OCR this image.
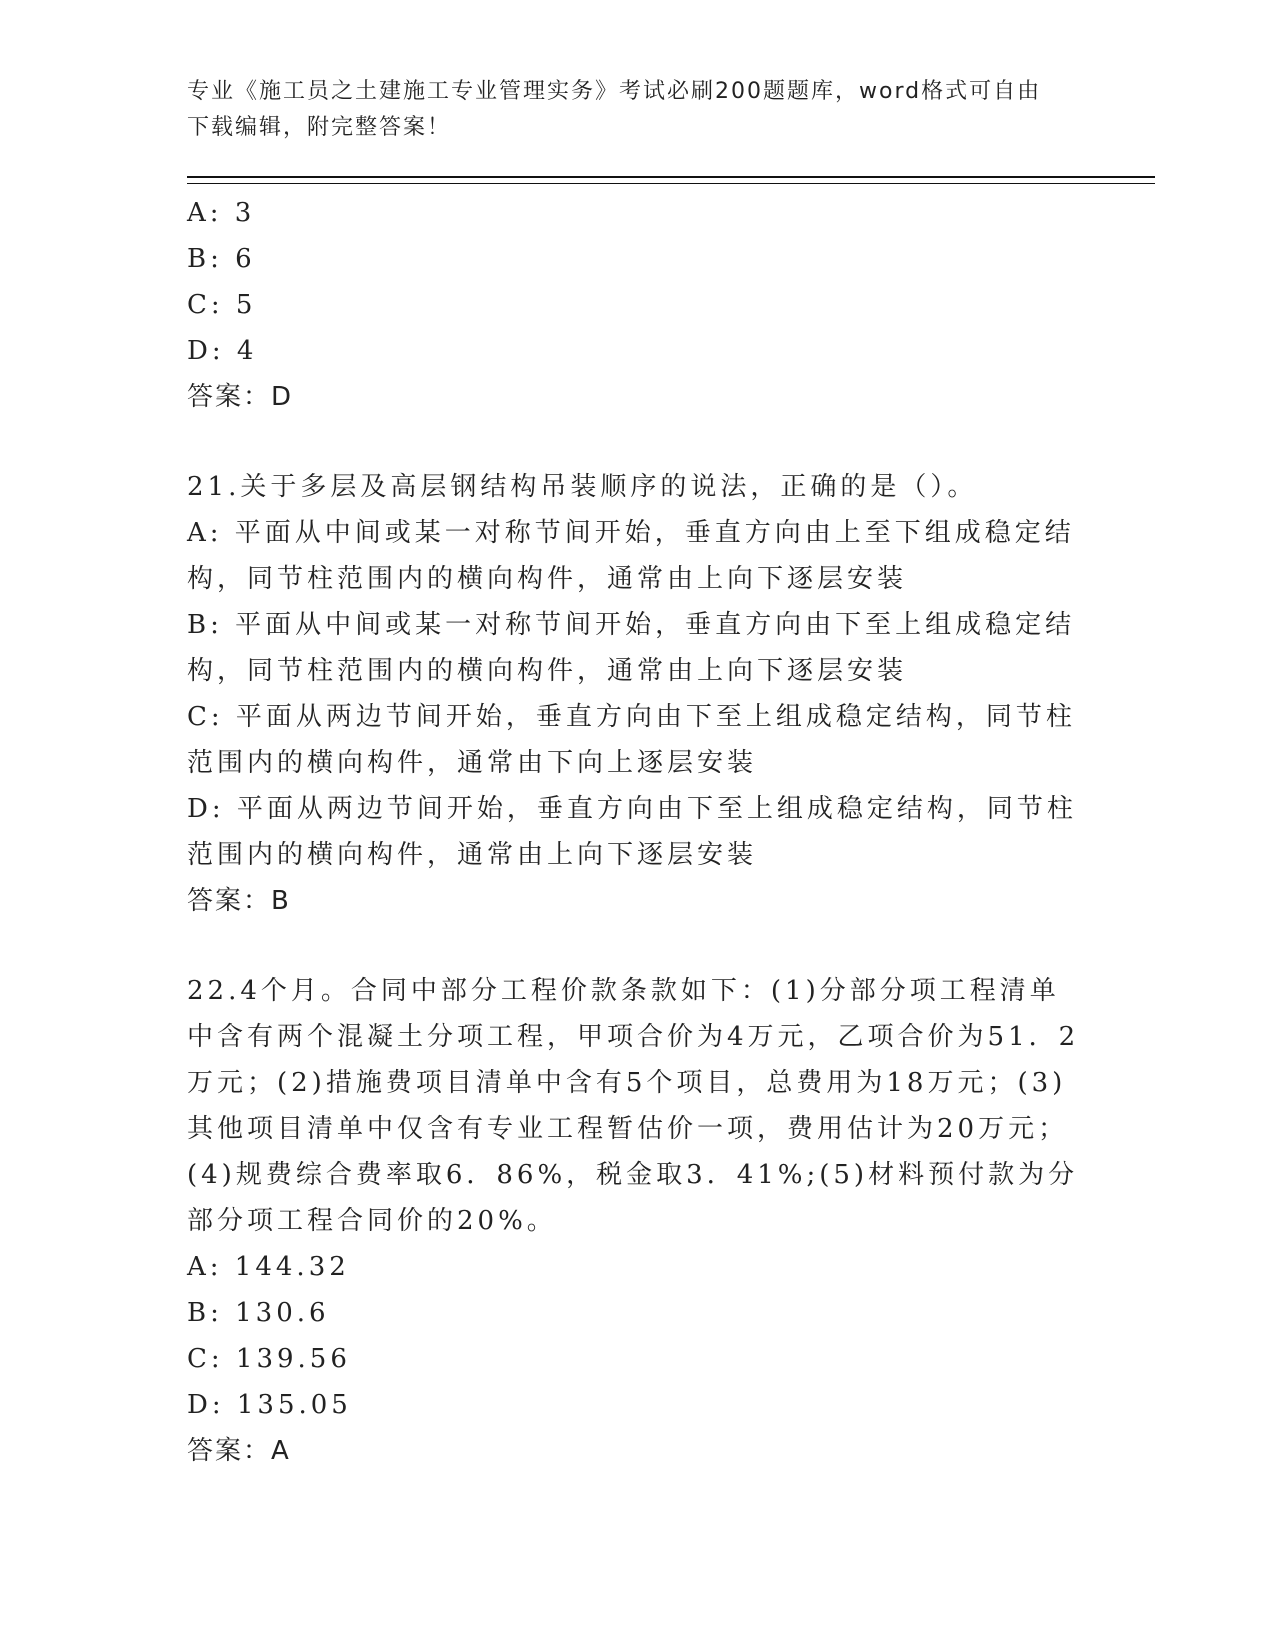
专业《施工员之土建施工专业管理实务》考试必刷200题题库，word格式可自由
下载编辑，附完整答案！
A: 3
B: 6
C: 5
D: 4
答案：D
21.关于多层及高层钢结构吊装顺序的说法，正确的是（）。
A: 平面从中间或某一对称节间开始，垂直方向由上至下组成稳定结构，同节柱范围内的横向构件，通常由上向下逐层安装
B: 平面从中间或某一对称节间开始，垂直方向由下至上组成稳定结构，同节柱范围内的横向构件，通常由上向下逐层安装
C: 平面从两边节间开始，垂直方向由下至上组成稳定结构，同节柱范围内的横向构件，通常由下向上逐层安装
D: 平面从两边节间开始，垂直方向由下至上组成稳定结构，同节柱范围内的横向构件，通常由上向下逐层安装
答案：B
22.4个月。合同中部分工程价款条款如下：(1)分部分项工程清单中含有两个混凝土分项工程，甲项合价为4万元，乙项合价为51．2万元；(2)措施费项目清单中含有5个项目，总费用为18万元；(3)其他项目清单中仅含有专业工程暂估价一项，费用估计为20万元；(4)规费综合费率取6．86%，税金取3．41%;(5)材料预付款为分部分项工程合同价的20%。
A: 144.32
B: 130.6
C: 139.56
D: 135.05
答案：A
